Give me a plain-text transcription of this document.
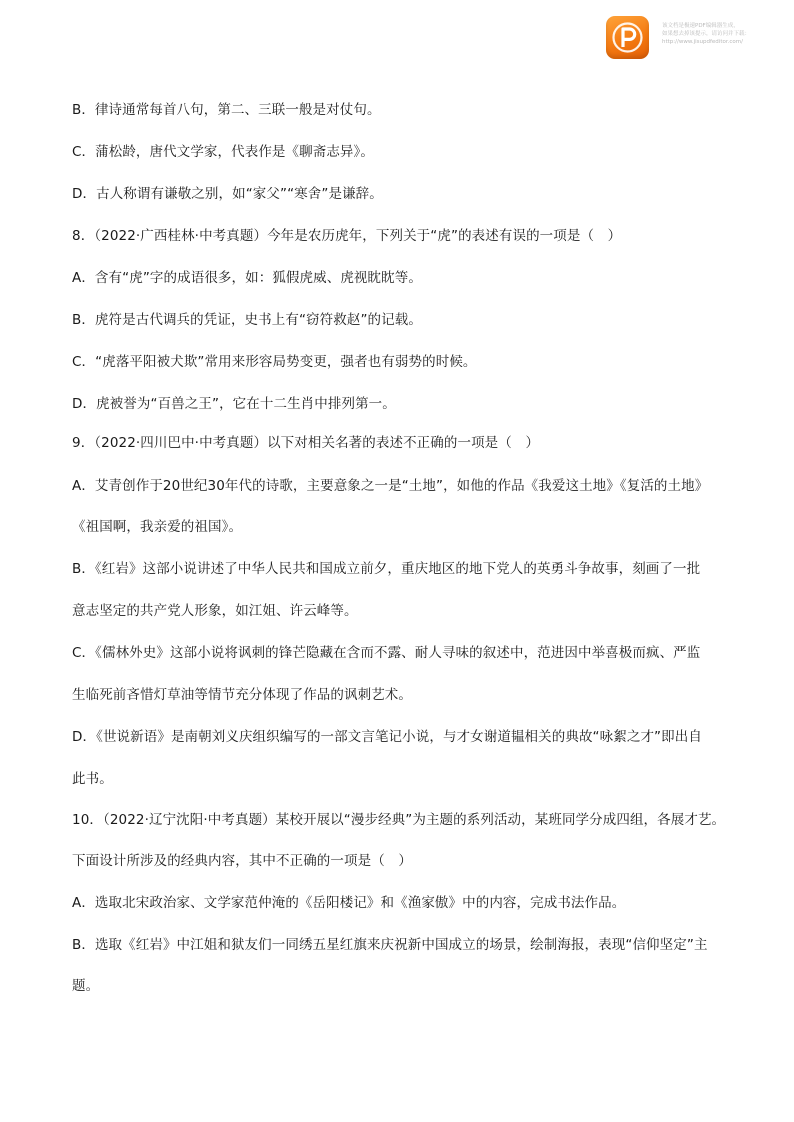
该文档是极速PDF编辑器生成，
如果想去掉该提示，请访问并下载：
http://www.jisupdfeditor.com/
B．律诗通常每首八句，第二、三联一般是对仗句。
C．蒲松龄，唐代文学家，代表作是《聊斋志异》。
D．古人称谓有谦敬之别，如“家父”“寒舍”是谦辞。
8．（2022·广西桂林·中考真题）今年是农历虎年，下列关于“虎”的表述有误的一项是（　）
A．含有“虎”字的成语很多，如：狐假虎威、虎视眈眈等。
B．虎符是古代调兵的凭证，史书上有“窃符救赵”的记载。
C．“虎落平阳被犬欺”常用来形容局势变更，强者也有弱势的时候。
D．虎被誉为“百兽之王”，它在十二生肖中排列第一。
9．（2022·四川巴中·中考真题）以下对相关名著的表述不正确的一项是（　）
A．艾青创作于20世纪30年代的诗歌，主要意象之一是“土地”，如他的作品《我爱这土地》《复活的土地》
《祖国啊，我亲爱的祖国》。
B．《红岩》这部小说讲述了中华人民共和国成立前夕，重庆地区的地下党人的英勇斗争故事，刻画了一批
意志坚定的共产党人形象，如江姐、许云峰等。
C．《儒林外史》这部小说将讽刺的锋芒隐藏在含而不露、耐人寻味的叙述中，范进因中举喜极而疯、严监
生临死前吝惜灯草油等情节充分体现了作品的讽刺艺术。
D．《世说新语》是南朝刘义庆组织编写的一部文言笔记小说，与才女谢道韫相关的典故“咏絮之才”即出自
此书。
10．（2022·辽宁沈阳·中考真题）某校开展以“漫步经典”为主题的系列活动，某班同学分成四组，各展才艺。
下面设计所涉及的经典内容，其中不正确的一项是（　）
A．选取北宋政治家、文学家范仲淹的《岳阳楼记》和《渔家傲》中的内容，完成书法作品。
B．选取《红岩》中江姐和狱友们一同绣五星红旗来庆祝新中国成立的场景，绘制海报，表现“信仰坚定”主
题。
